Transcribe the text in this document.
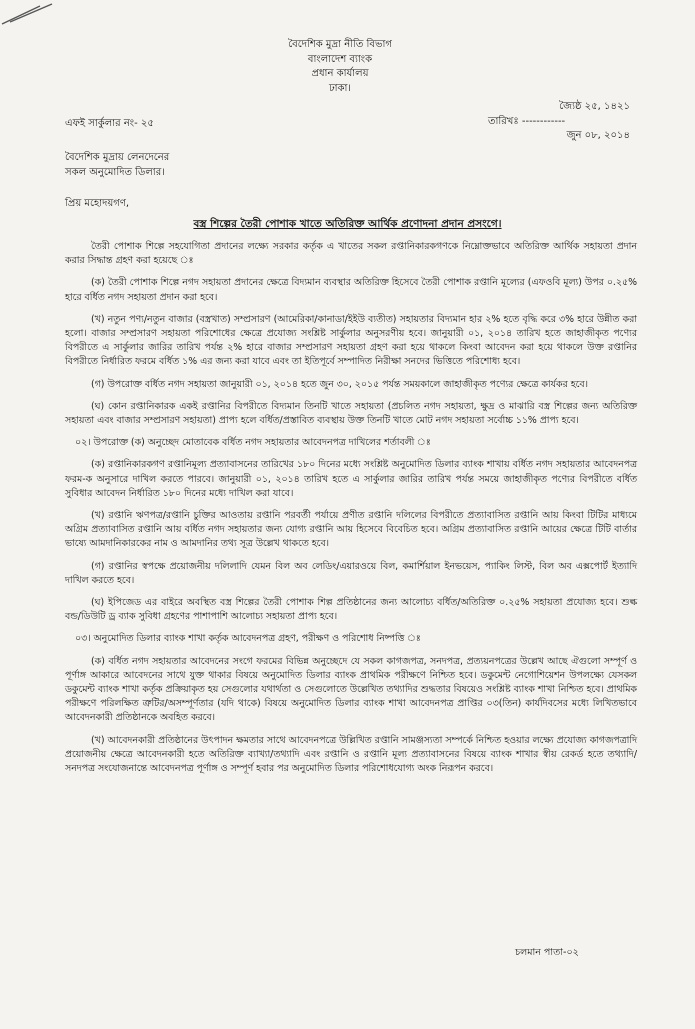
বৈদেশিক মুদ্রা নীতি বিভাগ
বাংলাদেশ ব্যাংক
প্রধান কার্যালয়
ঢাকা।
জ্যৈষ্ঠ ২৫, ১৪২১
তারিখঃ ------------
জুন ০৮, ২০১৪
এফই সার্কুলার নং- ২৫
বৈদেশিক মুদ্রায় লেনদেনের
সকল অনুমোদিত ডিলার।
প্রিয় মহোদয়গণ,
বস্ত্র শিল্পের তৈরী পোশাক খাতে অতিরিক্ত আর্থিক প্রণোদনা প্রদান প্রসংগে।

তৈরী পোশাক শিল্পে সহযোগিতা প্রদানের লক্ষ্যে সরকার কর্তৃক এ খাতের সকল রপ্তানিকারকগণকে নিম্নোক্তভাবে অতিরিক্ত আর্থিক সহায়তা প্রদান করার সিদ্ধান্ত গ্রহণ করা হয়েছে ঃ

(ক) তৈরী পোশাক শিল্পে নগদ সহায়তা প্রদানের ক্ষেত্রে বিদ্যমান ব্যবস্থার অতিরিক্ত হিসেবে তৈরী পোশাক রপ্তানি মূল্যের (এফওবি মূল্য) উপর ০.২৫% হারে বর্ধিত নগদ সহায়তা প্রদান করা হবে।

(খ) নতুন পণ্য/নতুন বাজার (বস্ত্রখাত) সম্প্রসারণ (আমেরিকা/কানাডা/ইইউ ব্যতীত) সহায়তার বিদ্যমান হার ২% হতে বৃদ্ধি করে ৩% হারে উন্নীত করা হলো। বাজার সম্প্রসারণ সহায়তা পরিশোধের ক্ষেত্রে প্রযোজ্য সংশ্লিষ্ট সার্কুলার অনুসরণীয় হবে। জানুয়ারী ০১, ২০১৪ তারিখ হতে জাহাজীকৃত পণ্যের বিপরীতে এ সার্কুলার জারির তারিখ পর্যন্ত ২% হারে বাজার সম্প্রসারণ সহায়তা গ্রহণ করা হয়ে থাকলে কিংবা আবেদন করা হয়ে থাকলে উক্ত রপ্তানির বিপরীতে নির্ধারিত ফরমে বর্ধিত ১% এর জন্য করা যাবে এবং তা ইতিপূর্বে সম্পাদিত নিরীক্ষা সনদের ভিত্তিতে পরিশোধ্য হবে।

(গ) উপরোক্ত বর্ধিত নগদ সহায়তা জানুয়ারী ০১, ২০১৪ হতে জুন ৩০, ২০১৫ পর্যন্ত সময়কালে জাহাজীকৃত পণ্যের ক্ষেত্রে কার্যকর হবে।

(ঘ) কোন রপ্তানিকারক একই রপ্তানির বিপরীতে বিদ্যমান তিনটি খাতে সহায়তা (প্রচলিত নগদ সহায়তা, ক্ষুদ্র ও মাঝারি বস্ত্র শিল্পের জন্য অতিরিক্ত সহায়তা এবং বাজার সম্প্রসারণ সহায়তা) প্রাপ্য হলে বর্ধিত/প্রস্তাবিত ব্যবস্থায় উক্ত তিনটি খাতে মোট নগদ সহায়তা সর্বোচ্চ ১১% প্রাপ্য হবে।

০২। উপরোক্ত (ক) অনুচ্ছেদ মোতাবেক বর্ধিত নগদ সহায়তার আবেদনপত্র দাখিলের শর্তাবলী ঃ

(ক) রপ্তানিকারকগণ রপ্তানিমূল্য প্রত্যাবাসনের তারিখের ১৮০ দিনের মধ্যে সংশ্লিষ্ট অনুমোদিত ডিলার ব্যাংক শাখায় বর্ধিত নগদ সহায়তার আবেদনপত্র ফরম-ক অনুসারে দাখিল করতে পারবে। জানুয়ারী ০১, ২০১৪ তারিখ হতে এ সার্কুলার জারির তারিখ পর্যন্ত সময়ে জাহাজীকৃত পণ্যের বিপরীতে বর্ধিত সুবিধার আবেদন নির্ধারিত ১৮০ দিনের মধ্যে দাখিল করা যাবে।

(খ) রপ্তানি ঋণপত্র/রপ্তানি চুক্তির আওতায় রপ্তানি পরবর্তী পর্যায়ে প্রণীত রপ্তানি দলিলের বিপরীতে প্রত্যাবাসিত রপ্তানি আয় কিংবা টিটির মাধ্যমে অগ্রিম প্রত্যাবাসিত রপ্তানি আয় বর্ধিত নগদ সহায়তার জন্য যোগ্য রপ্তানি আয় হিসেবে বিবেচিত হবে। অগ্রিম প্রত্যাবাসিত রপ্তানি আয়ের ক্ষেত্রে টিটি বার্তার ভাষ্যে আমদানিকারকের নাম ও আমদানির তথ্য সূত্র উল্লেখ থাকতে হবে।

(গ) রপ্তানির স্বপক্ষে প্রয়োজনীয় দলিলাদি যেমন বিল অব লেডিং/এয়ারওয়ে বিল, কমার্শিয়াল ইনভয়েস, প্যাকিং লিস্ট, বিল অব এক্সপোর্ট ইত্যাদি দাখিল করতে হবে।

(ঘ) ইপিজেড এর বাইরে অবস্থিত বস্ত্র শিল্পের তৈরী পোশাক শিল্প প্রতিষ্ঠানের জন্য আলোচ্য বর্ধিত/অতিরিক্ত ০.২৫% সহায়তা প্রযোজ্য হবে। শুল্ক বন্ড/ডিউটি ড্র ব্যাক সুবিধা গ্রহণের পাশাপাশি আলোচ্য সহায়তা প্রাপ্য হবে।

০৩। অনুমোদিত ডিলার ব্যাংক শাখা কর্তৃক আবেদনপত্র গ্রহণ, পরীক্ষণ ও পরিশোধ নিষ্পত্তি ঃ

(ক) বর্ধিত নগদ সহায়তার আবেদনের সংগে ফরমের বিভিন্ন অনুচ্ছেদে যে সকল কাগজপত্র, সনদপত্র, প্রত্যয়নপত্রের উল্লেখ আছে ঐগুলো সম্পূর্ণ ও পূর্ণাঙ্গ আকারে আবেদনের সাথে যুক্ত থাকার বিষয়ে অনুমোদিত ডিলার ব্যাংক প্রাথমিক পরীক্ষণে নিশ্চিত হবে। ডকুমেন্ট নেগোশিয়েশন উপলক্ষ্যে যেসকল ডকুমেন্ট ব্যাংক শাখা কর্তৃক প্রক্রিয়াকৃত হয় সেগুলোর যথার্থতা ও সেগুলোতে উল্লেখিত তথ্যাদির শুদ্ধতার বিষয়েও সংশ্লিষ্ট ব্যাংক শাখা নিশ্চিত হবে। প্রাথমিক পরীক্ষণে পরিলক্ষিত ত্রুটির/অসম্পূর্ণতার (যদি থাকে) বিষয়ে অনুমোদিত ডিলার ব্যাংক শাখা আবেদনপত্র প্রাপ্তির ০৩(তিন) কার্যদিবসের মধ্যে লিখিতভাবে আবেদনকারী প্রতিষ্ঠানকে অবহিত করবে।

(খ) আবেদনকারী প্রতিষ্ঠানের উৎপাদন ক্ষমতার সাথে আবেদনপত্রে উল্লিখিত রপ্তানি সামঞ্জস্যতা সম্পর্কে নিশ্চিত হওয়ার লক্ষ্যে প্রযোজ্য কাগজপত্রাদি প্রয়োজনীয় ক্ষেত্রে আবেদনকারী হতে অতিরিক্ত ব্যাখ্যা/তথ্যাদি এবং রপ্তানি ও রপ্তানি মূল্য প্রত্যাবাসনের বিষয়ে ব্যাংক শাখার স্বীয় রেকর্ড হতে তথ্যাদি/সনদপত্র সংযোজনান্তে আবেদনপত্র পূর্ণাঙ্গ ও সম্পূর্ণ হবার পর অনুমোদিত ডিলার পরিশোধযোগ্য অংক নিরূপন করবে।

চলমান পাতা-০২
